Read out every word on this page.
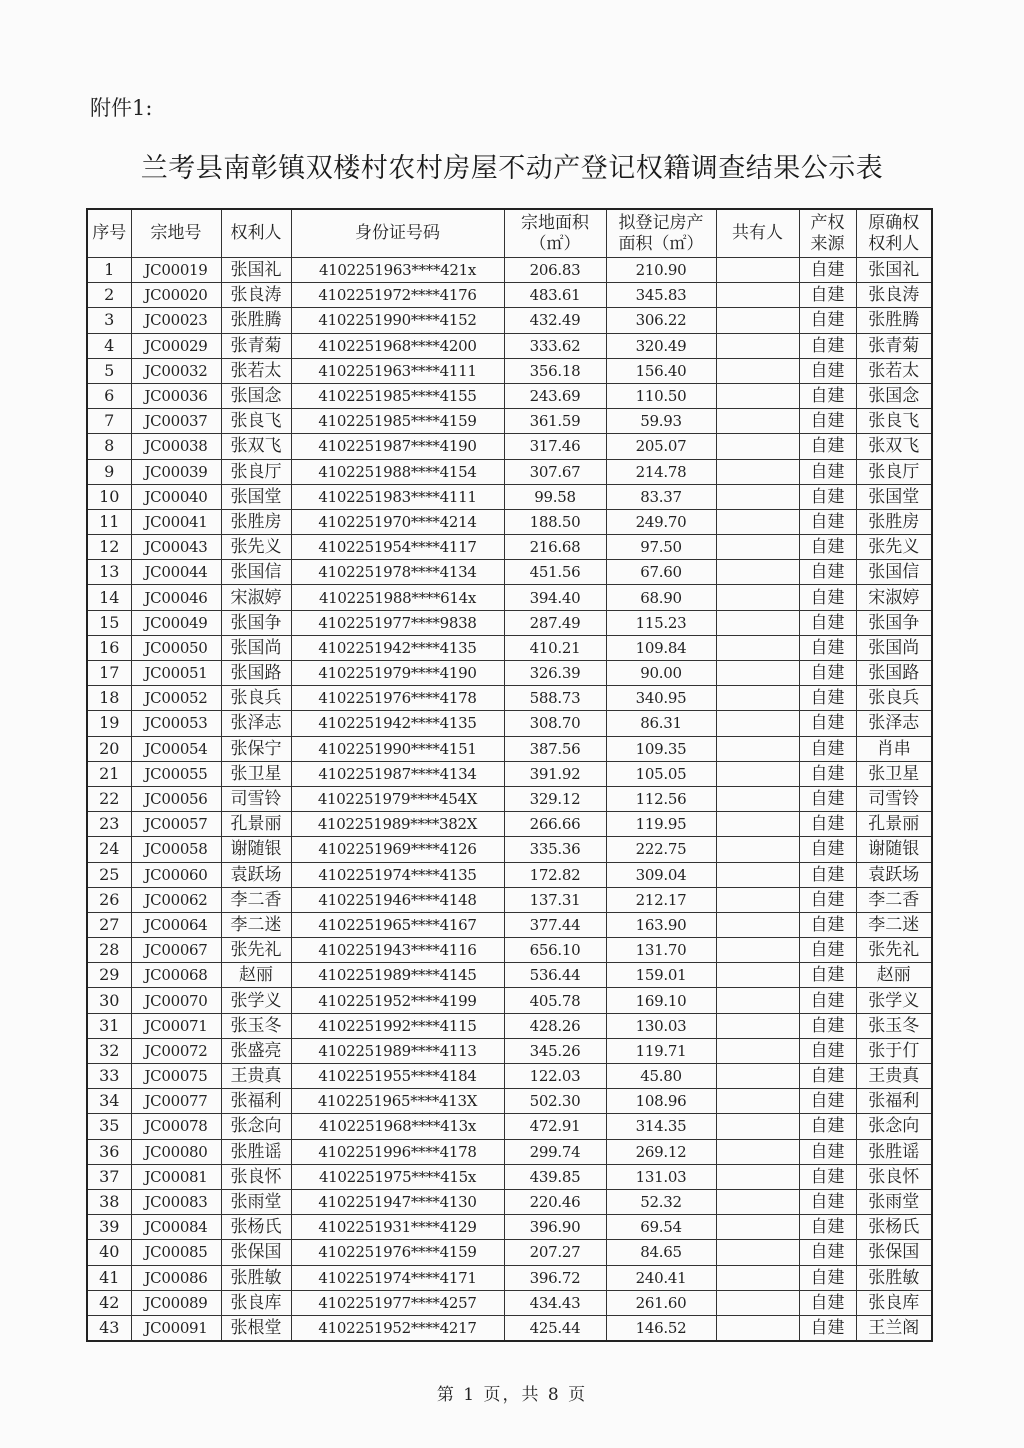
附件1:
兰考县南彰镇双楼村农村房屋不动产登记权籍调查结果公示表
序号	宗地号	权利人	身份证号码	宗地面积
（㎡）	拟登记房产
面积（㎡）	共有人	产权
来源	原确权
权利人
1	JC00019	张国礼	4102251963****421x	206.83	210.90		自建	张国礼
2	JC00020	张良涛	4102251972****4176	483.61	345.83		自建	张良涛
3	JC00023	张胜腾	4102251990****4152	432.49	306.22		自建	张胜腾
4	JC00029	张青菊	4102251968****4200	333.62	320.49		自建	张青菊
5	JC00032	张若太	4102251963****4111	356.18	156.40		自建	张若太
6	JC00036	张国念	4102251985****4155	243.69	110.50		自建	张国念
7	JC00037	张良飞	4102251985****4159	361.59	59.93		自建	张良飞
8	JC00038	张双飞	4102251987****4190	317.46	205.07		自建	张双飞
9	JC00039	张良厅	4102251988****4154	307.67	214.78		自建	张良厅
10	JC00040	张国堂	4102251983****4111	99.58	83.37		自建	张国堂
11	JC00041	张胜房	4102251970****4214	188.50	249.70		自建	张胜房
12	JC00043	张先义	4102251954****4117	216.68	97.50		自建	张先义
13	JC00044	张国信	4102251978****4134	451.56	67.60		自建	张国信
14	JC00046	宋淑婷	4102251988****614x	394.40	68.90		自建	宋淑婷
15	JC00049	张国争	4102251977****9838	287.49	115.23		自建	张国争
16	JC00050	张国尚	4102251942****4135	410.21	109.84		自建	张国尚
17	JC00051	张国路	4102251979****4190	326.39	90.00		自建	张国路
18	JC00052	张良兵	4102251976****4178	588.73	340.95		自建	张良兵
19	JC00053	张泽志	4102251942****4135	308.70	86.31		自建	张泽志
20	JC00054	张保宁	4102251990****4151	387.56	109.35		自建	肖串
21	JC00055	张卫星	4102251987****4134	391.92	105.05		自建	张卫星
22	JC00056	司雪铃	4102251979****454X	329.12	112.56		自建	司雪铃
23	JC00057	孔景丽	4102251989****382X	266.66	119.95		自建	孔景丽
24	JC00058	谢随银	4102251969****4126	335.36	222.75		自建	谢随银
25	JC00060	袁跃场	4102251974****4135	172.82	309.04		自建	袁跃场
26	JC00062	李二香	4102251946****4148	137.31	212.17		自建	李二香
27	JC00064	李二迷	4102251965****4167	377.44	163.90		自建	李二迷
28	JC00067	张先礼	4102251943****4116	656.10	131.70		自建	张先礼
29	JC00068	赵丽	4102251989****4145	536.44	159.01		自建	赵丽
30	JC00070	张学义	4102251952****4199	405.78	169.10		自建	张学义
31	JC00071	张玉冬	4102251992****4115	428.26	130.03		自建	张玉冬
32	JC00072	张盛亮	4102251989****4113	345.26	119.71		自建	张于仃
33	JC00075	王贵真	4102251955****4184	122.03	45.80		自建	王贵真
34	JC00077	张福利	4102251965****413X	502.30	108.96		自建	张福利
35	JC00078	张念向	4102251968****413x	472.91	314.35		自建	张念向
36	JC00080	张胜谣	4102251996****4178	299.74	269.12		自建	张胜谣
37	JC00081	张良怀	4102251975****415x	439.85	131.03		自建	张良怀
38	JC00083	张雨堂	4102251947****4130	220.46	52.32		自建	张雨堂
39	JC00084	张杨氏	4102251931****4129	396.90	69.54		自建	张杨氏
40	JC00085	张保国	4102251976****4159	207.27	84.65		自建	张保国
41	JC00086	张胜敏	4102251974****4171	396.72	240.41		自建	张胜敏
42	JC00089	张良库	4102251977****4257	434.43	261.60		自建	张良库
43	JC00091	张根堂	4102251952****4217	425.44	146.52		自建	王兰阁
第 1 页，共 8 页
